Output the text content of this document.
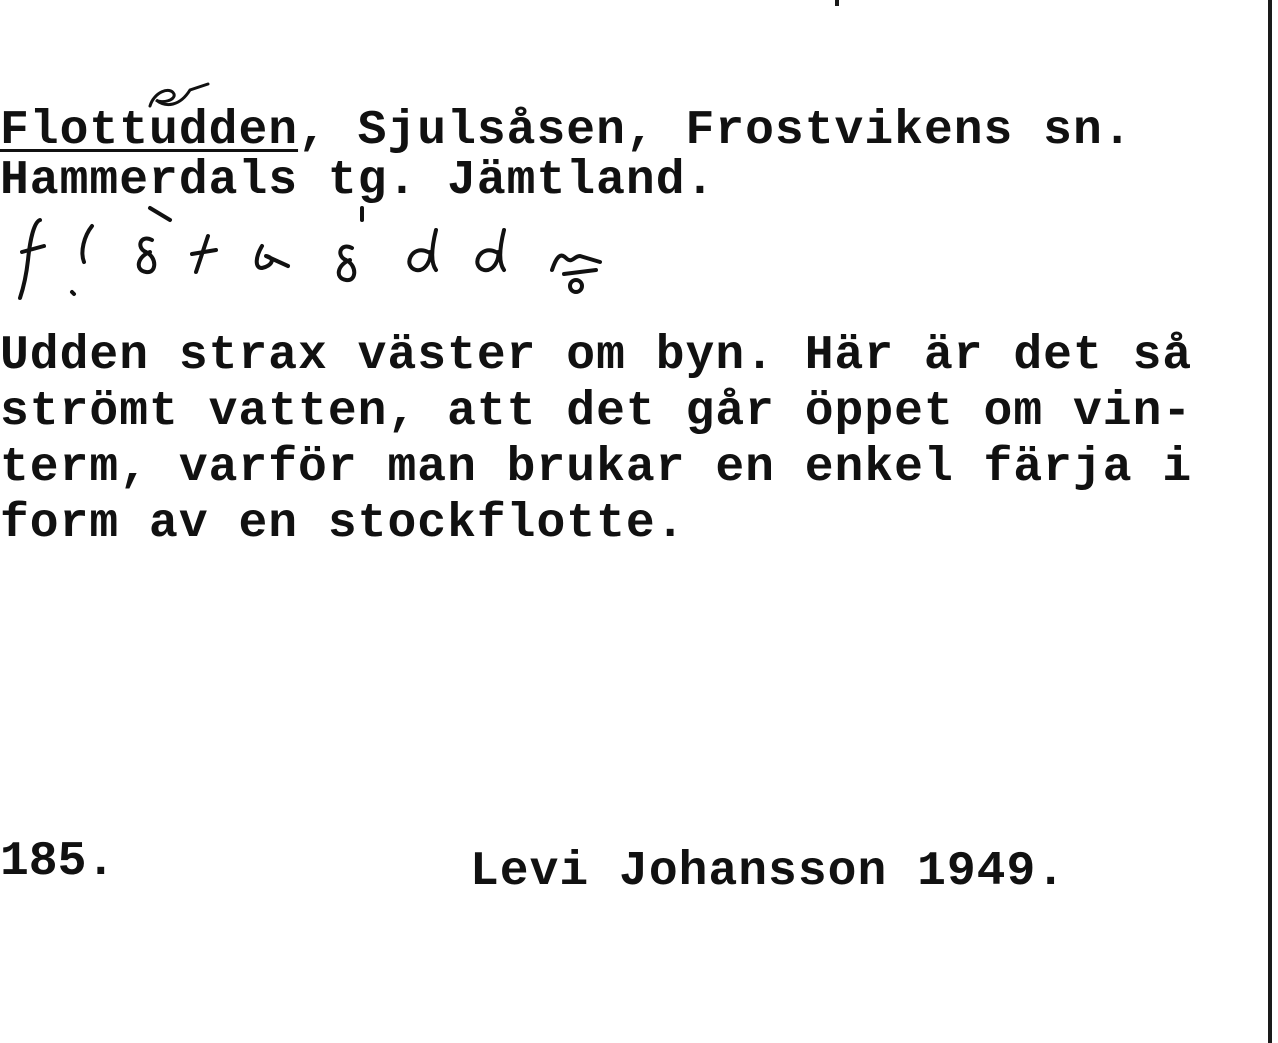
Flottudden, Sjulsåsen, Frostvikens sn.
Hammerdals tg. Jämtland.
Udden strax väster om byn. Här är det så
strömt vatten, att det går öppet om vin-
term, varför man brukar en enkel färja i
form av en stockflotte.
185.	Levi Johansson 1949.
